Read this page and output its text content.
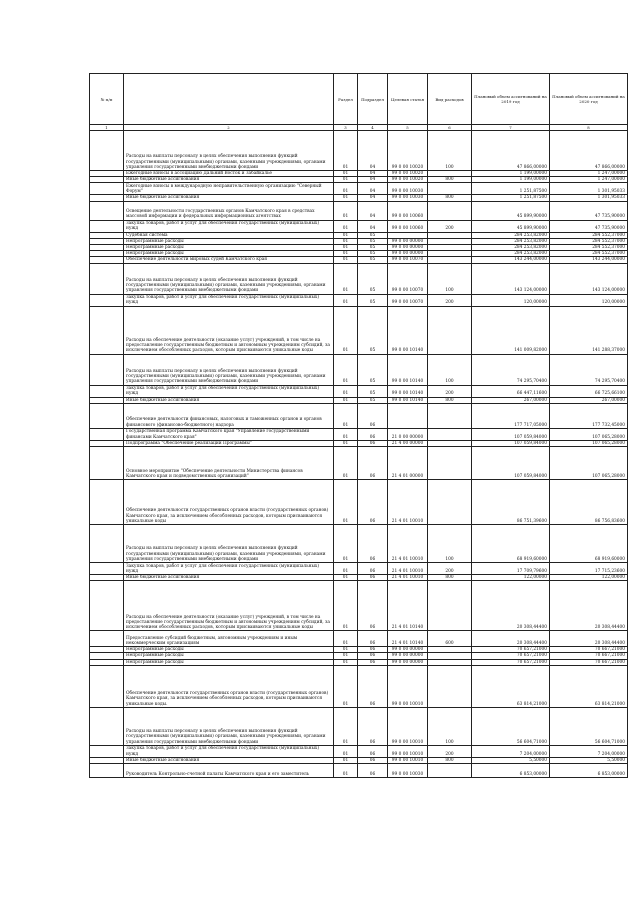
№ п/п		Раздел	Подраздел	Целевая статья	Вид расходов	Плановый объем ассигнований на 2019 год	Плановый объем ассигнований на 2020 год
1	2	3	4	5	6	7	8
	Расходы на выплаты персоналу в целях обеспечения выполнения функций государственными (муниципальными) органами, казенными учреждениями, органами управления государственными внебюджетными фондами	01	04	99 0 00 10020	100	47 866,00000	47 866,00000
	Ежегодные взносы в ассоциацию Дальний Восток и Забайкалье	01	04	99 0 00 10020		1 199,00000	1 247,00000
	Иные бюджетные ассигнования	01	04	99 0 00 10020	800	1 199,00000	1 247,00000
	Ежегодные взносы в международную неправительственную организацию "Северный Форум"	01	04	99 0 00 10030		1 251,87500	1 301,95033
	Иные бюджетные ассигнования	01	04	99 0 00 10030	800	1 251,87500	1 301,95033
	Освещение деятельности государственных органов Камчатского края в средствах массовой информации и федеральных информационных агентствах	01	04	99 0 00 10060		45 899,90000	47 735,90000
	Закупка товаров, работ и услуг для обеспечения государственных (муниципальных) нужд	01	04	99 0 00 10060	200	45 899,90000	47 735,90000
	Судебная система	01	05			284 253,82000	284 552,37000
	Непрограммные расходы	01	05	99 0 00 00000		284 253,82000	284 552,37000
	Непрограммные расходы	01	05	99 0 00 00000		284 253,82000	284 552,37000
	Непрограммные расходы	01	05	99 0 00 00000		284 253,82000	284 552,37000
	Обеспечение деятельности мировых судей Камчатского края	01	05	99 0 00 10070		143 244,00000	143 244,00000
	Расходы на выплаты персоналу в целях обеспечения выполнения функций государственными (муниципальными) органами, казенными учреждениями, органами управления государственными внебюджетными фондами	01	05	99 0 00 10070	100	143 124,00000	143 124,00000
	Закупка товаров, работ и услуг для обеспечения государственных (муниципальных) нужд	01	05	99 0 00 10070	200	120,00000	120,00000
	Расходы на обеспечение деятельности (оказание услуг) учреждений, в том числе на предоставление государственным бюджетным и автономным учреждениям субсидий, за исключением обособленных расходов, которым присваиваются уникальные коды	01	05	99 0 00 10140		141 009,82000	141 288,37000
	Расходы на выплаты персоналу в целях обеспечения выполнения функций государственными (муниципальными) органами, казенными учреждениями, органами управления государственными внебюджетными фондами	01	05	99 0 00 10140	100	74 295,70400	74 295,70400
	Закупка товаров, работ и услуг для обеспечения государственных (муниципальных) нужд	01	05	99 0 00 10140	200	66 447,11600	66 725,66100
	Иные бюджетные ассигнования	01	05	99 0 00 10140	800	267,00000	267,00000
	Обеспечение деятельности финансовых, налоговых и таможенных органов и органов финансового (финансово-бюджетного) надзора	01	06			177 717,05000	177 732,45000
	Государственная программа Камчатского края "Управление государственными финансами Камчатского края"	01	06	21 0 00 00000		107 059,84000	107 065,28000
	Подпрограмма "Обеспечение реализации Программы"	01	06	21 4 00 00000		107 059,84000	107 065,28000
	Основное мероприятие "Обеспечение деятельности Министерства финансов Камчатского края и подведомственных организаций"	01	06	21 4 01 00000		107 059,84000	107 065,28000
	Обеспечение деятельности государственных органов власти (государственных органов) Камчатского края, за исключением обособленных расходов, которым присваиваются уникальные коды	01	06	21 4 01 10010		86 751,39600	86 756,83600
	Расходы на выплаты персоналу в целях обеспечения выполнения функций государственными (муниципальными) органами, казенными учреждениями, органами управления государственными внебюджетными фондами	01	06	21 4 01 10010	100	68 919,60000	68 919,60000
	Закупка товаров, работ и услуг для обеспечения государственных (муниципальных) нужд	01	06	21 4 01 10010	200	17 709,79600	17 715,23600
	Иные бюджетные ассигнования	01	06	21 4 01 10010	800	122,00000	122,00000
	Расходы на обеспечение деятельности (оказание услуг) учреждений, в том числе на предоставление государственным бюджетным и автономным учреждениям субсидий, за исключением обособленных расходов, которым присваиваются уникальные коды	01	06	21 4 01 10140		20 308,44400	20 308,44400
	Предоставление субсидий бюджетным, автономным учреждениям и иным некоммерческим организациям	01	06	21 4 01 10140	600	20 308,44400	20 308,44400
	Непрограммные расходы	01	06	99 0 00 00000		70 657,21000	70 667,21000
	Непрограммные расходы	01	06	99 0 00 00000		70 657,21000	70 667,21000
	Непрограммные расходы	01	06	99 0 00 00000		70 657,21000	70 667,21000
	Обеспечение деятельности государственных органов власти (государственных органов) Камчатского края, за исключением обособленных расходов, которым присваиваются уникальные коды.	01	06	99 0 00 10010		63 814,21000	63 814,21000
	Расходы на выплаты персоналу в целях обеспечения выполнения функций государственными (муниципальными) органами, казенными учреждениями, органами управления государственными внебюджетными фондами	01	06	99 0 00 10010	100	56 604,71000	56 604,71000
	Закупка товаров, работ и услуг для обеспечения государственных (муниципальных) нужд	01	06	99 0 00 10010	200	7 204,00000	7 204,00000
	Иные бюджетные ассигнования	01	06	99 0 00 10010	800	5,50000	5,50000
	Руководитель Контрольно-счетной палаты Камчатского края и его заместитель	01	06	99 0 00 10030		6 853,00000	6 853,00000
